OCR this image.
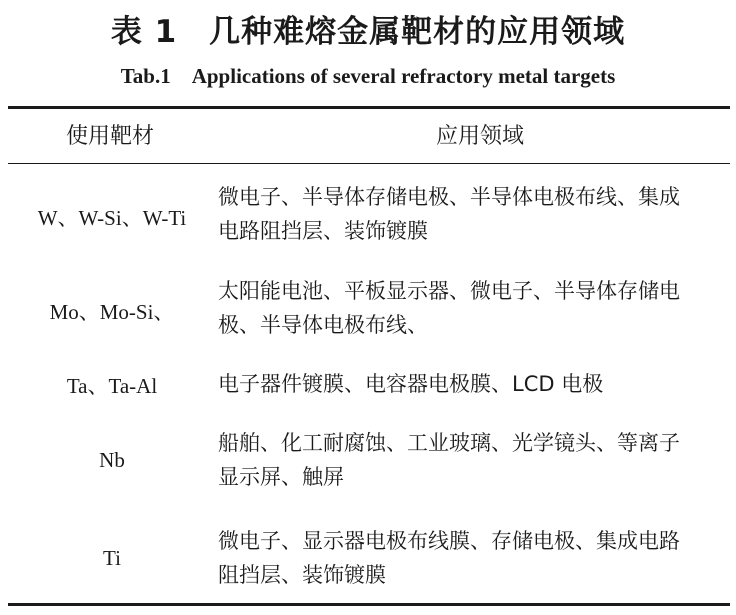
表 1　几种难熔金属靶材的应用领域
Tab.1　Applications of several refractory metal targets
使用靶材	应用领域
W、W-Si、W-Ti
微电子、半导体存储电极、半导体电极布线、集成
电路阻挡层、装饰镀膜
Mo、Mo-Si、
太阳能电池、平板显示器、微电子、半导体存储电
极、半导体电极布线、
Ta、Ta-Al	电子器件镀膜、电容器电极膜、LCD 电极
Nb
船舶、化工耐腐蚀、工业玻璃、光学镜头、等离子
显示屏、触屏
Ti
微电子、显示器电极布线膜、存储电极、集成电路
阻挡层、装饰镀膜
